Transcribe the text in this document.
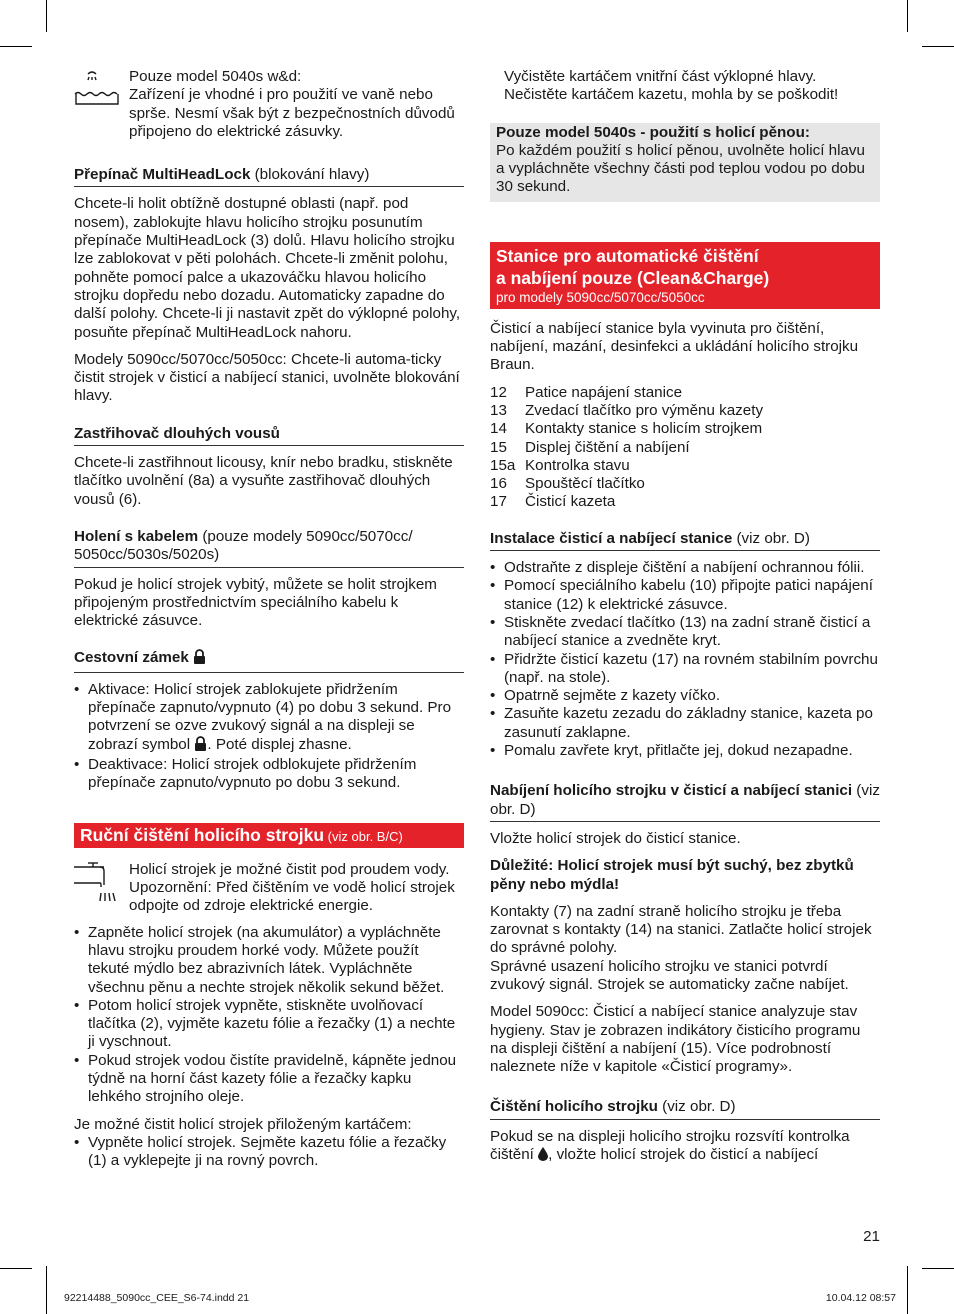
Pouze model 5040s w&d:

Zařízení je vhodné i pro použití ve vaně nebo sprše. Nesmí však být z bezpečnostních důvodů připojeno do elektrické zásuvky.

Přepínač MultiHeadLock (blokování hlavy)

Chcete-li holit obtížně dostupné oblasti (např. pod nosem), zablokujte hlavu holicího strojku posunutím přepínače MultiHeadLock (3) dolů. Hlavu holicího strojku lze zablokovat v pěti polohách. Chcete-li změnit polohu, pohněte pomocí palce a ukazováčku hlavou holicího strojku dopředu nebo dozadu. Automaticky zapadne do další polohy. Chcete-li ji nastavit zpět do výklopné polohy, posuňte přepínač MultiHeadLock nahoru.

Modely 5090cc/5070cc/5050cc: Chcete-li automa-ticky čistit strojek v čisticí a nabíjecí stanici, uvolněte blokování hlavy.

Zastřihovač dlouhých vousů

Chcete-li zastřihnout licousy, knír nebo bradku, stiskněte tlačítko uvolnění (8a) a vysuňte zastřihovač dlouhých vousů (6).

Holení s kabelem (pouze modely 5090cc/5070cc/ 5050cc/5030s/5020s)

Pokud je holicí strojek vybitý, můžete se holit strojkem připojeným prostřednictvím speciálního kabelu k elektrické zásuvce.

Cestovní zámek

• Aktivace: Holicí strojek zablokujete přidržením přepínače zapnuto/vypnuto (4) po dobu 3 sekund. Pro potvrzení se ozve zvukový signál a na displeji se zobrazí symbol . Poté displej zhasne.

• Deaktivace: Holicí strojek odblokujete přidržením přepínače zapnuto/vypnuto po dobu 3 sekund.

Ruční čištění holicího strojku (viz obr. B/C)

Holicí strojek je možné čistit pod proudem vody. Upozornění: Před čištěním ve vodě holicí strojek odpojte od zdroje elektrické energie.

• Zapněte holicí strojek (na akumulátor) a vypláchněte hlavu strojku proudem horké vody. Můžete použít tekuté mýdlo bez abrazivních látek. Vypláchněte všechnu pěnu a nechte strojek několik sekund běžet.

• Potom holicí strojek vypněte, stiskněte uvolňovací tlačítka (2), vyjměte kazetu fólie a řezačky (1) a nechte ji vyschnout.

• Pokud strojek vodou čistíte pravidelně, kápněte jednou týdně na horní část kazety fólie a řezačky kapku lehkého strojního oleje.

Je možné čistit holicí strojek přiloženým kartáčem:

• Vypněte holicí strojek. Sejměte kazetu fólie a řezačky (1) a vyklepejte ji na rovný povrch.

Vyčistěte kartáčem vnitřní část výklopné hlavy. Nečistěte kartáčem kazetu, mohla by se poškodit!

Pouze model 5040s - použití s holicí pěnou:

Po každém použití s holicí pěnou, uvolněte holicí hlavu a vypláchněte všechny části pod teplou vodou po dobu 30 sekund.

Stanice pro automatické čištění

a nabíjení pouze (Clean&Charge)

pro modely 5090cc/5070cc/5050cc

Čisticí a nabíjecí stanice byla vyvinuta pro čištění, nabíjení, mazání, desinfekci a ukládání holicího strojku Braun.

12	Patice napájení stanice
13	Zvedací tlačítko pro výměnu kazety
14	Kontakty stanice s holicím strojkem
15	Displej čištění a nabíjení
15a Kontrolka stavu
16	Spouštěcí tlačítko
17	Čisticí kazeta

Instalace čisticí a nabíjecí stanice (viz obr. D)

• Odstraňte z displeje čištění a nabíjení ochrannou fólii.

• Pomocí speciálního kabelu (10) připojte patici napájení stanice (12) k elektrické zásuvce.

• Stiskněte zvedací tlačítko (13) na zadní straně čisticí a nabíjecí stanice a zvedněte kryt.

• Přidržte čisticí kazetu (17) na rovném stabilním povrchu (např. na stole).

• Opatrně sejměte z kazety víčko.

• Zasuňte kazetu zezadu do základny stanice, kazeta po zasunutí zaklapne.

• Pomalu zavřete kryt, přitlačte jej, dokud nezapadne.

Nabíjení holicího strojku v čisticí a nabíjecí stanici (viz obr. D)

Vložte holicí strojek do čisticí stanice.

Důležité: Holicí strojek musí být suchý, bez zbytků pěny nebo mýdla!

Kontakty (7) na zadní straně holicího strojku je třeba zarovnat s kontakty (14) na stanici. Zatlačte holicí strojek do správné polohy.

Správné usazení holicího strojku ve stanici potvrdí zvukový signál. Strojek se automaticky začne nabíjet.

Model 5090cc: Čisticí a nabíjecí stanice analyzuje stav hygieny. Stav je zobrazen indikátory čisticího programu na displeji čištění a nabíjení (15). Více podrobností naleznete níže v kapitole «Čisticí programy».

Čištění holicího strojku (viz obr. D)

Pokud se na displeji holicího strojku rozsvítí kontrolka čištění , vložte holicí strojek do čisticí a nabíjecí

21

92214488_5090cc_CEE_S6-74.indd 21	10.04.12 08:57
